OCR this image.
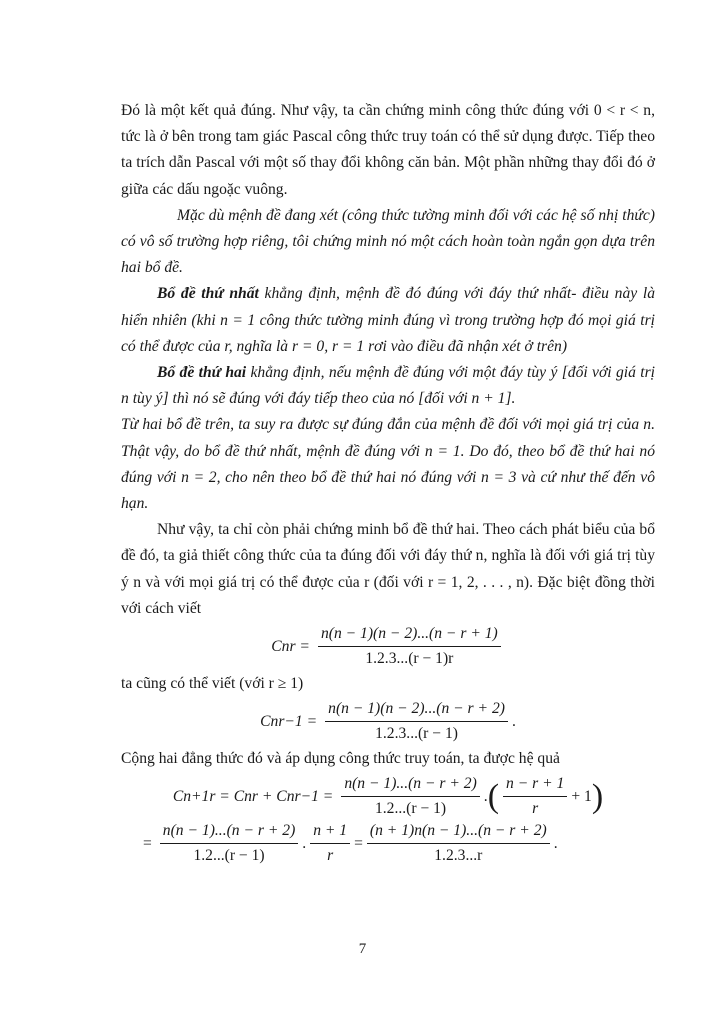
Đó là một kết quả đúng. Như vậy, ta cần chứng minh công thức đúng với 0 < r < n, tức là ở bên trong tam giác Pascal công thức truy toán có thể sử dụng được. Tiếp theo ta trích dẫn Pascal với một số thay đổi không căn bản. Một phần những thay đổi đó ở giữa các dấu ngoặc vuông.

Mặc dù mệnh đề đang xét (công thức tường minh đối với các hệ số nhị thức) có vô số trường hợp riêng, tôi chứng minh nó một cách hoàn toàn ngắn gọn dựa trên hai bổ đề.

Bổ đề thứ nhất khẳng định, mệnh đề đó đúng với đáy thứ nhất- điều này là hiển nhiên (khi n = 1 công thức tường minh đúng vì trong trường hợp đó mọi giá trị có thể được của r, nghĩa là r = 0, r = 1 rơi vào điều đã nhận xét ở trên)

Bổ đề thứ hai khẳng định, nếu mệnh đề đúng với một đáy tùy ý [đối với giá trị n tùy ý] thì nó sẽ đúng với đáy tiếp theo của nó [đối với n + 1].

Từ hai bổ đề trên, ta suy ra được sự đúng đắn của mệnh đề đối với mọi giá trị của n. Thật vậy, do bổ đề thứ nhất, mệnh đề đúng với n = 1. Do đó, theo bổ đề thứ hai nó đúng với n = 2, cho nên theo bổ đề thứ hai nó đúng với n = 3 và cứ như thế đến vô hạn.

Như vậy, ta chỉ còn phải chứng minh bổ đề thứ hai. Theo cách phát biểu của bổ đề đó, ta giả thiết công thức của ta đúng đối với đáy thứ n, nghĩa là đối với giá trị tùy ý n và với mọi giá trị có thể được của r (đối với r = 1, 2, . . . , n). Đặc biệt đồng thời với cách viết

Cnr = $\frac{n(n - 1)(n - 2)...(n - r + 1)}{1.2.3...(r - 1)r}$

ta cũng có thể viết (với r ≥ 1)

$Cnr-1 = \frac{n(n - 1)(n - 2)...(n - r + 2)}{1.2.3...(r - 1)}$ .

Cộng hai đẳng thức đó và áp dụng công thức truy toán, ta được hệ quả

Cn+1r = Cnr + $Cnr-1 = \frac{n(n - 1)...(n - r + 2)}{1.2...(r - 1)}$ . ( $\frac{n - r + 1}{r} + 1$ )
= $\frac{n(n - 1)...(n - r + 2)}{1.2...(r - 1)}$ . $\frac{n + 1}{r} = \frac{(n + 1)n(n - 1)...(n - r + 2)}{1.2.3...r}$ .
7
